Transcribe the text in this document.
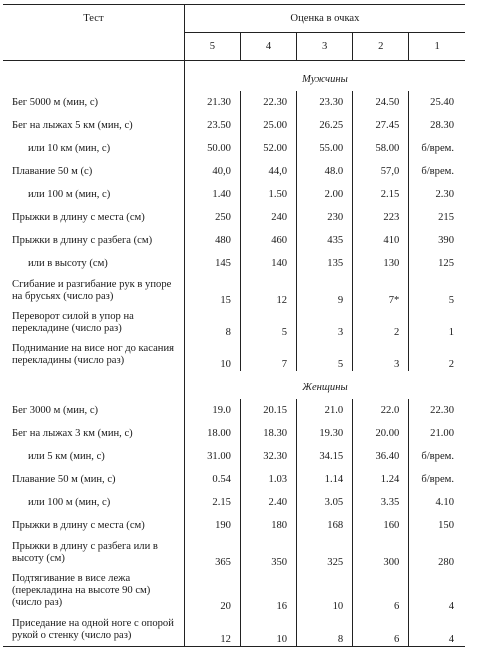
Тест	Оценка в очках				
	5	4	3	2	1
	Мужчины				
Бег 5000 м (мин, с)	21.30	22.30	23.30	24.50	25.40
Бег на лыжах 5 км (мин, с)	23.50	25.00	26.25	27.45	28.30
или 10 км (мин, с)	50.00	52.00	55.00	58.00	б/врем.
Плавание 50 м (с)	40,0	44,0	48.0	57,0	б/врем.
или 100 м (мин, с)	1.40	1.50	2.00	2.15	2.30
Прыжки в длину с места (см)	250	240	230	223	215
Прыжки в длину с разбега (см)	480	460	435	410	390
или в высоту (см)	145	140	135	130	125
Сгибание и разгибание рук в упоре на брусьях (число раз)	15	12	9	7*	5
Переворот силой в упор на перекладине (число раз)	8	5	3	2	1
Поднимание на висе ног до касания перекладины (число раз)	10	7	5	3	2
	Женщины				
Бег 3000 м (мин, с)	19.0	20.15	21.0	22.0	22.30
Бег на лыжах 3 км (мин, с)	18.00	18.30	19.30	20.00	21.00
или 5 км (мин, с)	31.00	32.30	34.15	36.40	б/врем.
Плавание 50 м (мин, с)	0.54	1.03	1.14	1.24	б/врем.
или 100 м (мин, с)	2.15	2.40	3.05	3.35	4.10
Прыжки в длину с места (см)	190	180	168	160	150
Прыжки в длину с разбега или в высоту (см)	365	350	325	300	280
Подтягивание в висе лежа (перекладина на высоте 90 см) (число раз)	20	16	10	6	4
Приседание на одной ноге с опорой рукой о стенку (число раз)	12	10	8	6	4
